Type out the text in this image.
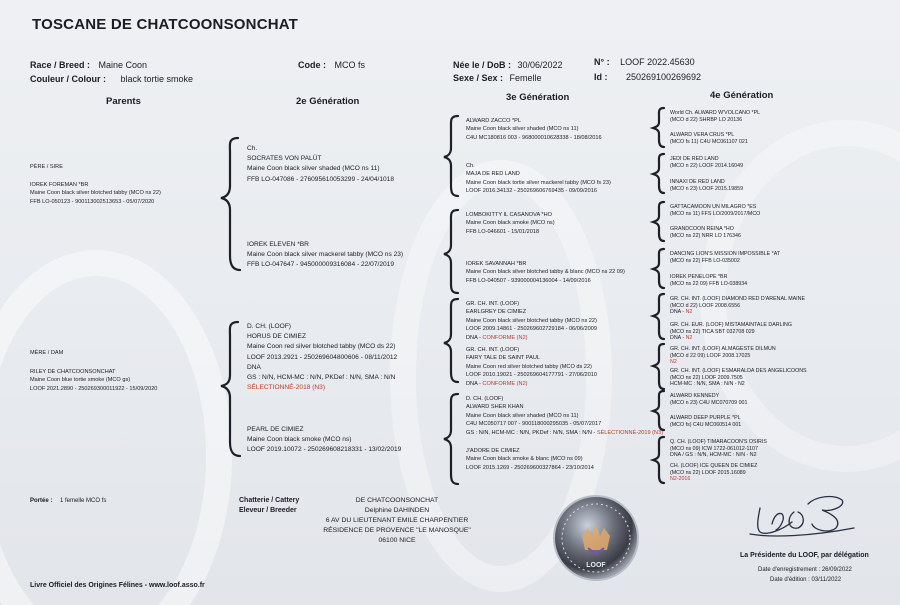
TOSCANE DE CHATCOONSONCHAT
Race / Breed : Maine Coon
Couleur / Colour : black tortie smoke
Code : MCO fs	Née le / DoB : 30/06/2022
Sexe / Sex : Femelle
N° : LOOF 2022.45630
Id : 250269100269692
Parents	2e Génération	3e Génération	4e Génération
PÈRE / SIRE
IOREK FOREMAN *BR
Maine Coon black silver blotched tabby (MCO ns 22)
FFB LO-050123 - 900113002513653 - 05/07/2020
MÈRE / DAM
RILEY DE CHATCOONSONCHAT
Maine Coon blue tortie smoke (MCO gs)
LOOF 2021.2890 - 250269300011922 - 15/09/2020
Ch.
SOCRATES VON PALÜT
Maine Coon black silver shaded (MCO ns 11)
FFB LO-047086 - 276095610053299 - 24/04/1018
IOREK ELEVEN *BR
Maine Coon black silver mackerel tabby (MCO ns 23)
FFB LO-047647 - 945000009316084 - 22/07/2019
D. CH. (LOOF)
HORUS DE CIMIEZ
Maine Coon red silver blotched tabby (MCO ds 22)
LOOF 2013.2921 - 250269604800606 - 08/11/2012
DNA
GS : N/N, HCM-MC : N/N, PKDef : N/N, SMA : N/N
SÉLECTIONNÉ-2018 (N3)
PEARL DE CIMIEZ
Maine Coon black smoke (MCO ns)
LOOF 2019.10072 - 250269608218331 - 13/02/2019
ALWARD ZACCO *PL
Maine Coon black silver shaded (MCO ns 11)
C4U MC180816 003 - 968000010628338 - 18/08/2016
Ch.
MAJA DE RED LAND
Maine Coon black tortie silver mackerel tabby (MCO fs 23)
LOOF 2016.34132 - 250269606769435 - 09/09/2016
LOMBOKITTY IL CASANOVA *HO
Maine Coon black smoke (MCO ns)
FFB LO-046601 - 15/01/2018
IOREK SAVANNAH *BR
Maine Coon black silver blotched tabby & blanc (MCO ns 22 09)
FFB LO-040507 - 939000004136004 - 14/09/2016
GR. CH. INT. (LOOF)
EARLGREY DE CIMIEZ
Maine Coon black silver blotched tabby (MCO ns 22)
LOOF 2009.14861 - 250269602729184 - 06/06/2009
DNA - CONFORME (N2)
GR. CH. INT. (LOOF)
FAIRY TALE DE SAINT PAUL
Maine Coon red silver blotched tabby (MCO ds 22)
LOOF 2010.19021 - 250269604177791 - 27/06/2010
DNA - CONFORME (N2)
D. CH. (LOOF)
ALWARD SHER KHAN
Maine Coon black silver shaded (MCO ns 11)
C4U MC050717 007 - 900118000295035 - 05/07/2017
GS : N/N, HCM-MC : N/N, PKDef : N/N, SMA : N/N - SÉLECTIONNÉ-2019 (N3)
J'ADORE DE CIMIEZ
Maine Coon black smoke & blanc (MCO ns 09)
LOOF 2015.1269 - 250269600327864 - 23/10/2014
World Ch. ALWARD W'VOLCANO *PL
(MCO d 22) SHRBP LO 20136
ALWARD VERA CRUS *PL
(MCO fs 11) C4U MC061107 021
JEDI DE RED LAND
(MCO n 22) LOOF 2014.16049
INNAXI DE RED LAND
(MCO n 23) LOOF 2015.19859
GATTACAMOON UN MILAGRO *ES
(MCO ns 11) FFS LO/2009/2017/MCO
GRANDCOON REINA *HO
(MCO ns 22) NRR LO 176346
DANCING LION'S MISSION IMPOSSIBLE *AT
(MCO ns 22) FFB LO-035002
IOREK PENELOPE *BR
(MCO ns 22 09) FFB LO-038934
GR. CH. INT. (LOOF) DIAMOND RED D'ARENAL MAINE
(MCO d 22) LOOF 2008.6556
DNA - N2
GR. CH. EUR. (LOOF) MISTAMAINTALE DARLING
(MCO ns 22) TICA SBT 032708 029
DNA - N2
GR. CH. INT. (LOOF) ALMAGESTE DILMUN
(MCO d 22 09) LOOF 2008.17025
N2
GR. CH. INT. (LOOF) ESMARALDA DES ANGELICOONS
(MCO ns 22) LOOF 2009.7505
HCM-MC : N/N, SMA : N/N - N2
ALWARD KENNEDY
(MCO n 23) C4U MC070709 001
ALWARD DEEP PURPLE *PL
(MCO fs) C4U MC060514 001
Q. CH. (LOOF) TIMARACOON'S OSIRIS
(MCO ns 09) ICW 1722-061012-1107
DNA / GS : N/N, HCM-MC : N/N - N2
CH. (LOOF) ICE QUEEN DE CIMIEZ
(MCO ns 22) LOOF 2015.16089
N2-2016
Portée : 1 femelle MCO fs	Chatterie / Cattery
Eleveur / Breeder
DE CHATCOONSONCHAT
Delphine DAHINDEN
6 AV DU LIEUTENANT EMILE CHARPENTIER
RÉSIDENCE DE PROVENCE "LE MANOSQUE"
06100 NICE
LOOF
La Présidente du LOOF, par délégation
Date d'enregistrement : 26/09/2022
Date d'édition : 03/11/2022
Livre Officiel des Origines Félines - www.loof.asso.fr
